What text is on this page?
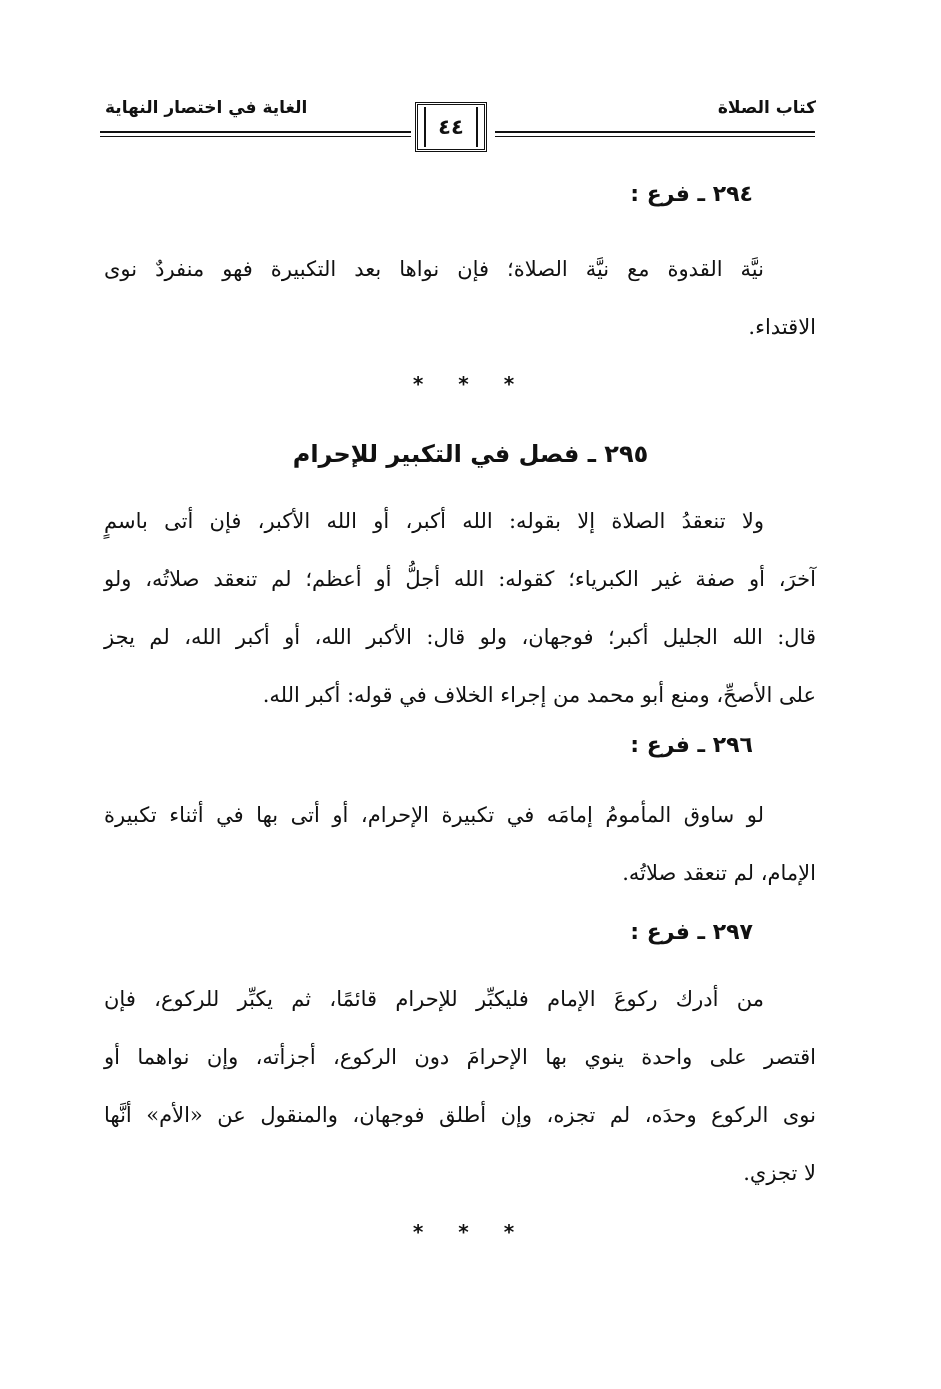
كتاب الصلاة
الغاية في اختصار النهاية
٤٤
٢٩٤ ـ فرع :
نيَّة القدوة مع نيَّة الصلاة؛ فإن نواها بعد التكبيرة فهو منفردٌ نوى
الاقتداء.
* * *
٢٩٥ ـ فصل في التكبير للإحرام
ولا تنعقدُ الصلاة إلا بقوله: الله أكبر، أو الله الأكبر، فإن أتى باسمٍ
آخرَ، أو صفة غير الكبرياء؛ كقوله: الله أجلُّ أو أعظم؛ لم تنعقد صلاتُه، ولو
قال: الله الجليل أكبر؛ فوجهان، ولو قال: الأكبر الله، أو أكبر الله، لم يجز
على الأصحِّ، ومنع أبو محمد من إجراء الخلاف في قوله: أكبر الله.
٢٩٦ ـ فرع :
لو ساوق المأمومُ إمامَه في تكبيرة الإحرام، أو أتى بها في أثناء تكبيرة
الإمام، لم تنعقد صلاتُه.
٢٩٧ ـ فرع :
من أدرك ركوعَ الإمام فليكبِّر للإحرام قائمًا، ثم يكبِّر للركوع، فإن
اقتصر على واحدة ينوي بها الإحرامَ دون الركوع، أجزأته، وإن نواهما أو
نوى الركوع وحدَه، لم تجزه، وإن أطلق فوجهان، والمنقول عن «الأم» أنَّها
لا تجزي.
* * *
